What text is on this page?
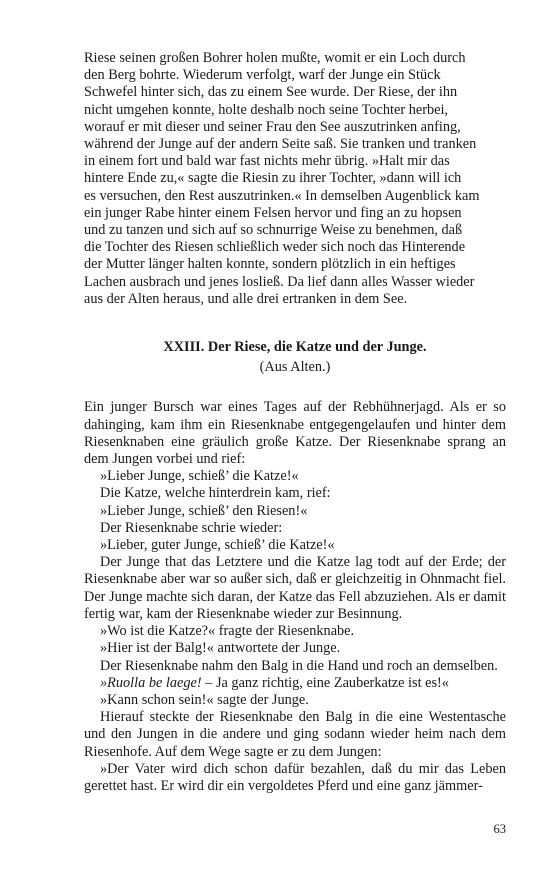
Riese seinen großen Bohrer holen mußte, womit er ein Loch durch
den Berg bohrte. Wiederum verfolgt, warf der Junge ein Stück
Schwefel hinter sich, das zu einem See wurde. Der Riese, der ihn
nicht umgehen konnte, holte deshalb noch seine Tochter herbei,
worauf er mit dieser und seiner Frau den See auszutrinken anfing,
während der Junge auf der andern Seite saß. Sie tranken und tranken
in einem fort und bald war fast nichts mehr übrig. »Halt mir das
hintere Ende zu,« sagte die Riesin zu ihrer Tochter, »dann will ich
es versuchen, den Rest auszutrinken.« In demselben Augenblick kam
ein junger Rabe hinter einem Felsen hervor und fing an zu hopsen
und zu tanzen und sich auf so schnurrige Weise zu benehmen, daß
die Tochter des Riesen schließlich weder sich noch das Hinterende
der Mutter länger halten konnte, sondern plötzlich in ein heftiges
Lachen ausbrach und jenes losließ. Da lief dann alles Wasser wieder
aus der Alten heraus, und alle drei ertranken in dem See.

XXIII. Der Riese, die Katze und der Junge.
(Aus Alten.)

Ein junger Bursch war eines Tages auf der Rebhühnerjagd. Als er so dahinging, kam ihm ein Riesenknabe entgegengelaufen und hinter dem Riesenknaben eine gräulich große Katze. Der Riesenknabe sprang an dem Jungen vorbei und rief:

»Lieber Junge, schieß’ die Katze!«

Die Katze, welche hinterdrein kam, rief:

»Lieber Junge, schieß’ den Riesen!«

Der Riesenknabe schrie wieder:

»Lieber, guter Junge, schieß’ die Katze!«

Der Junge that das Letztere und die Katze lag todt auf der Erde; der Riesenknabe aber war so außer sich, daß er gleichzeitig in Ohnmacht fiel. Der Junge machte sich daran, der Katze das Fell abzuziehen. Als er damit fertig war, kam der Riesenknabe wieder zur Besinnung.

»Wo ist die Katze?« fragte der Riesenknabe.

»Hier ist der Balg!« antwortete der Junge.

Der Riesenknabe nahm den Balg in die Hand und roch an demselben.

»Ruolla be laege! – Ja ganz richtig, eine Zauberkatze ist es!«

»Kann schon sein!« sagte der Junge.

Hierauf steckte der Riesenknabe den Balg in die eine Westentasche und den Jungen in die andere und ging sodann wieder heim nach dem Riesenhofe. Auf dem Wege sagte er zu dem Jungen:

»Der Vater wird dich schon dafür bezahlen, daß du mir das Leben gerettet hast. Er wird dir ein vergoldetes Pferd und eine ganz jämmer-

63
